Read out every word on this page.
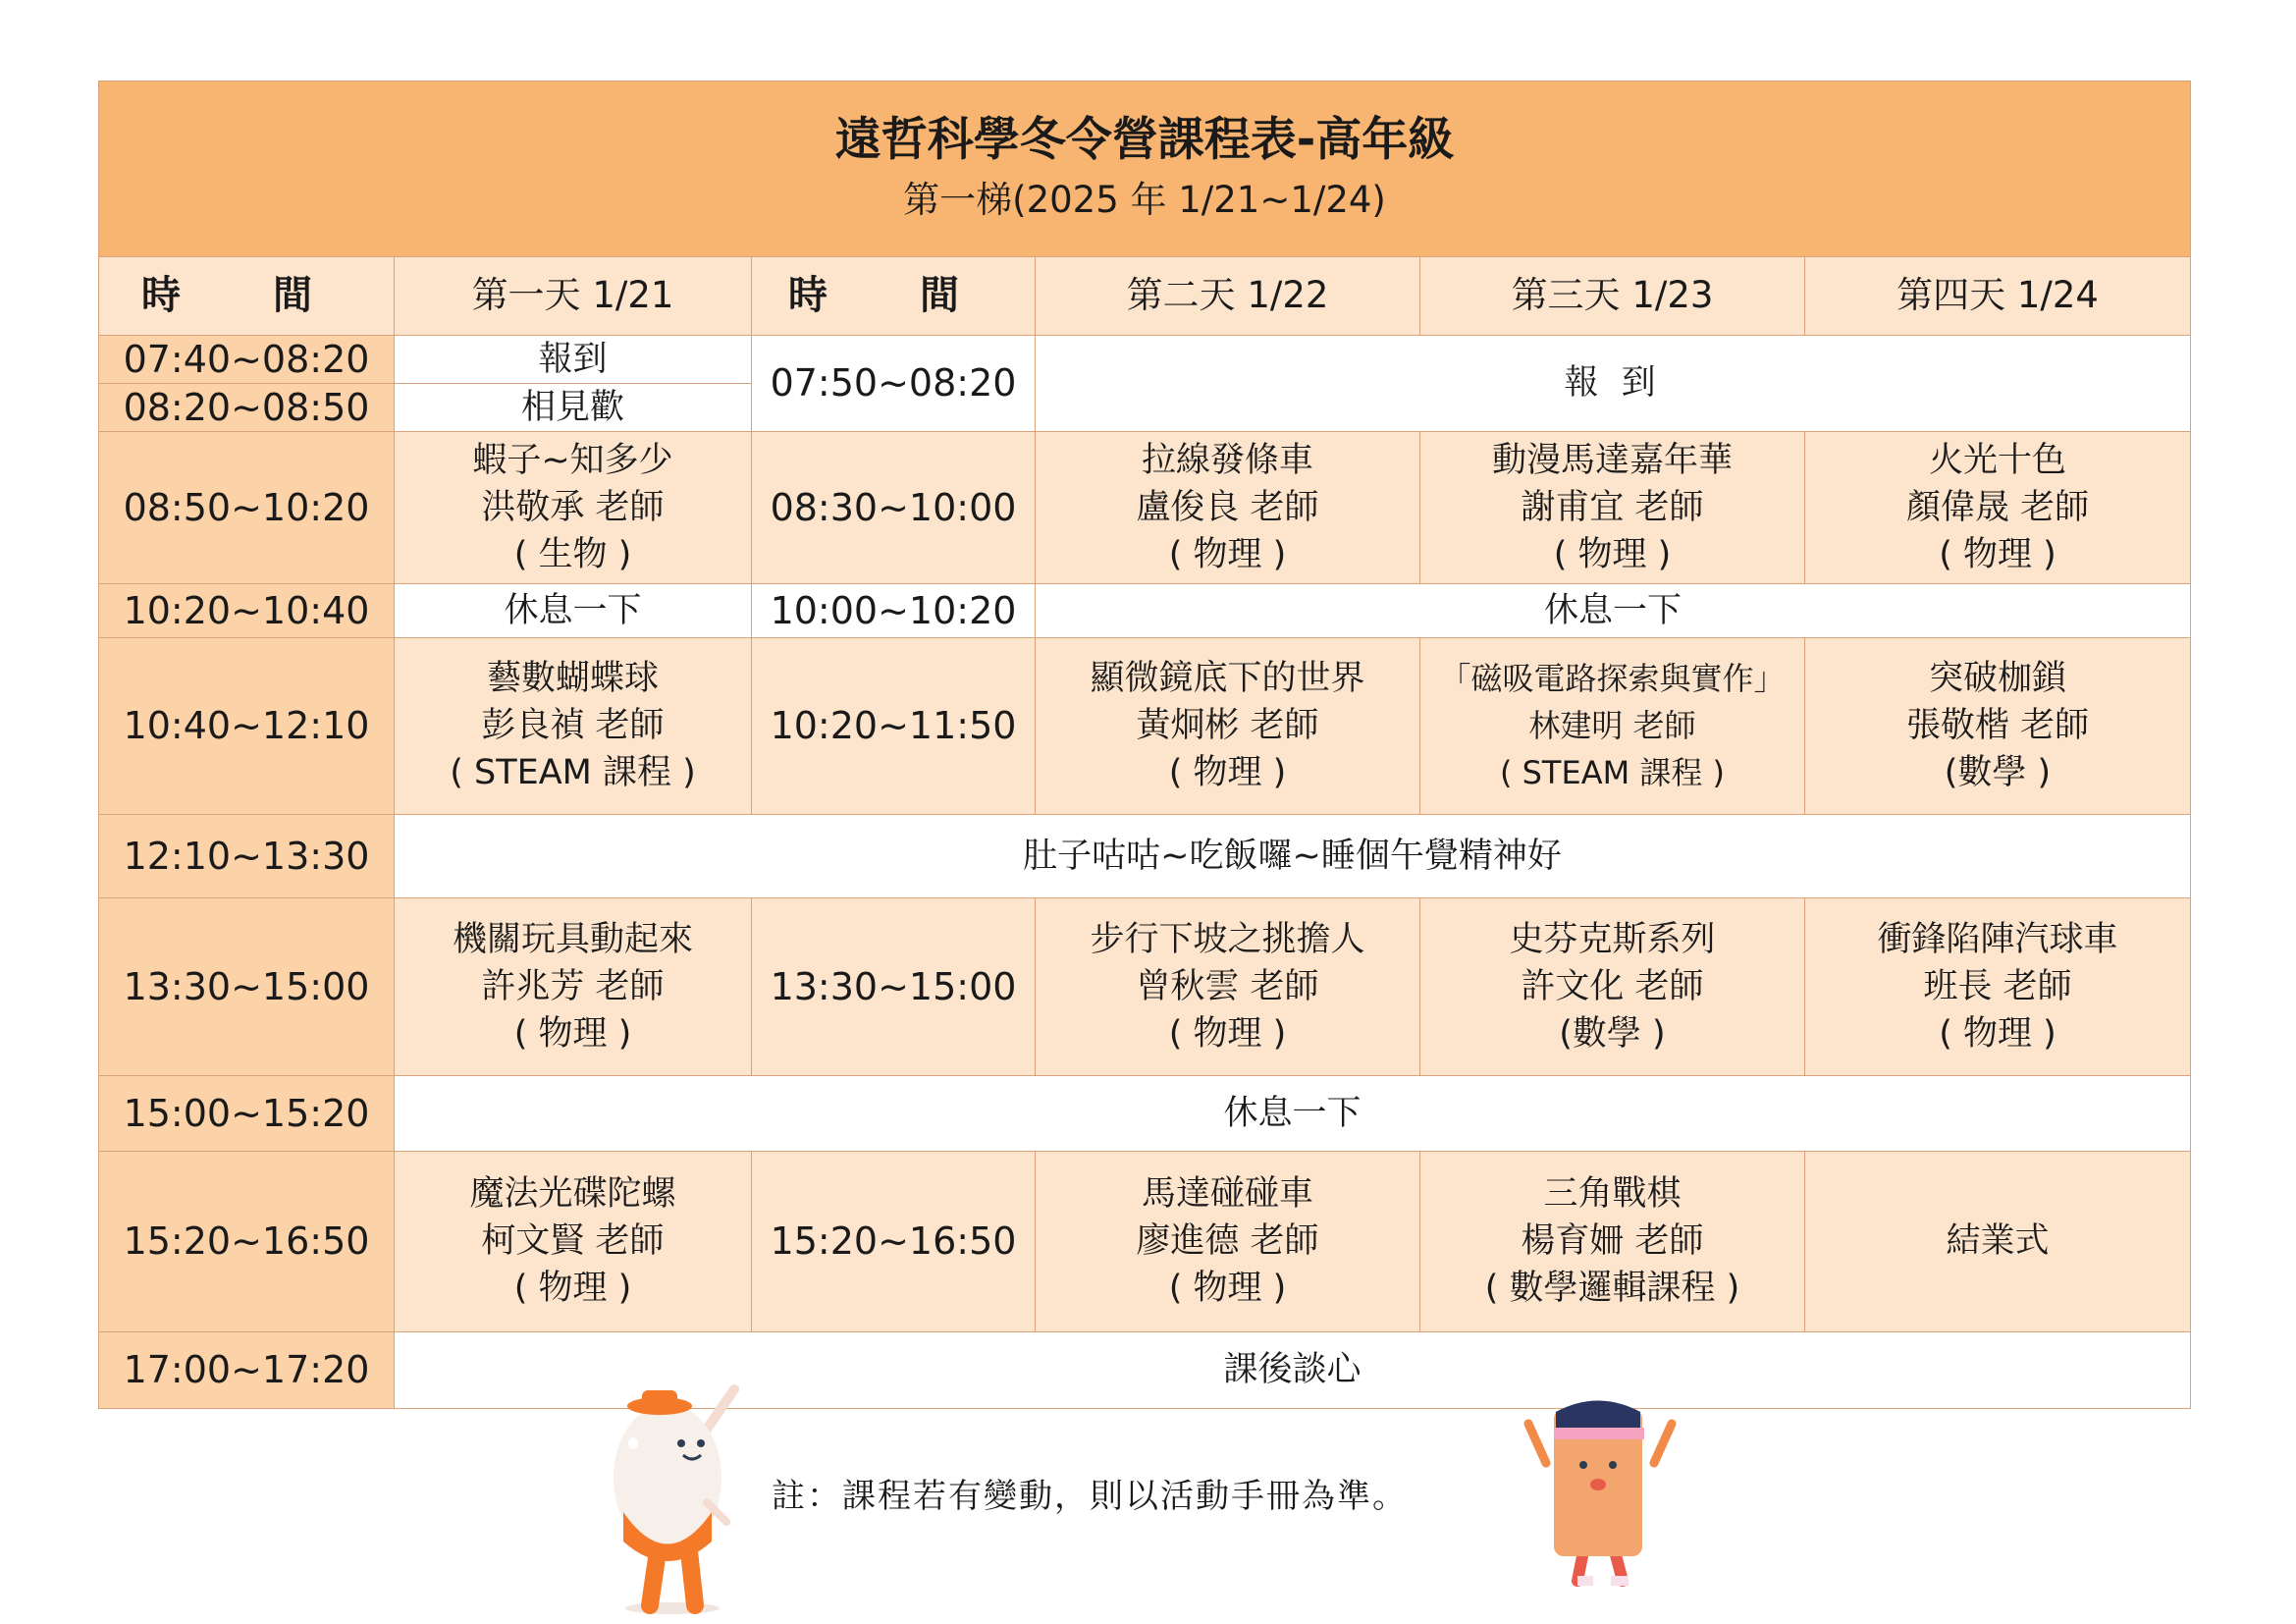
遠哲科學冬令營課程表-高年級
第一梯(2025 年 1/21~1/24)					

時 間	第一天 1/21	時 間	第二天 1/22	第三天 1/23	第四天 1/24
07:40~08:20	報到	07:50~08:20	報 到		
08:20~08:50	相見歡				
08:50~10:20	蝦子~知多少
洪敬承 老師
( 生物 )	08:30~10:00	拉線發條車
盧俊良 老師
( 物理 )	動漫馬達嘉年華
謝甫宜 老師
( 物理 )	火光十色
顏偉晟 老師
( 物理 )

10:20~10:40	休息一下	10:00~10:20	休息一下		
10:40~12:10	藝數蝴蝶球
彭良禎 老師
( STEAM 課程 )	10:20~11:50	顯微鏡底下的世界
黃炯彬 老師
( 物理 )	「磁吸電路探索與實作」
林建明 老師
( STEAM 課程 )	突破枷鎖
張敬楷 老師
(數學 )

12:10~13:30	肚子咕咕~吃飯囉~睡個午覺精神好				
13:30~15:00	機關玩具動起來
許兆芳 老師
( 物理 )	13:30~15:00	步行下坡之挑擔人
曾秋雲 老師
( 物理 )	史芬克斯系列
許文化 老師
(數學 )	衝鋒陷陣汽球車
班長 老師
( 物理 )

15:00~15:20	休息一下				
15:20~16:50	魔法光碟陀螺
柯文賢 老師
( 物理 )	15:20~16:50	馬達碰碰車
廖進德 老師
( 物理 )	三角戰棋
楊育姍 老師
( 數學邏輯課程 )	結業式
17:00~17:20	課後談心				
註：課程若有變動，則以活動手冊為準。
